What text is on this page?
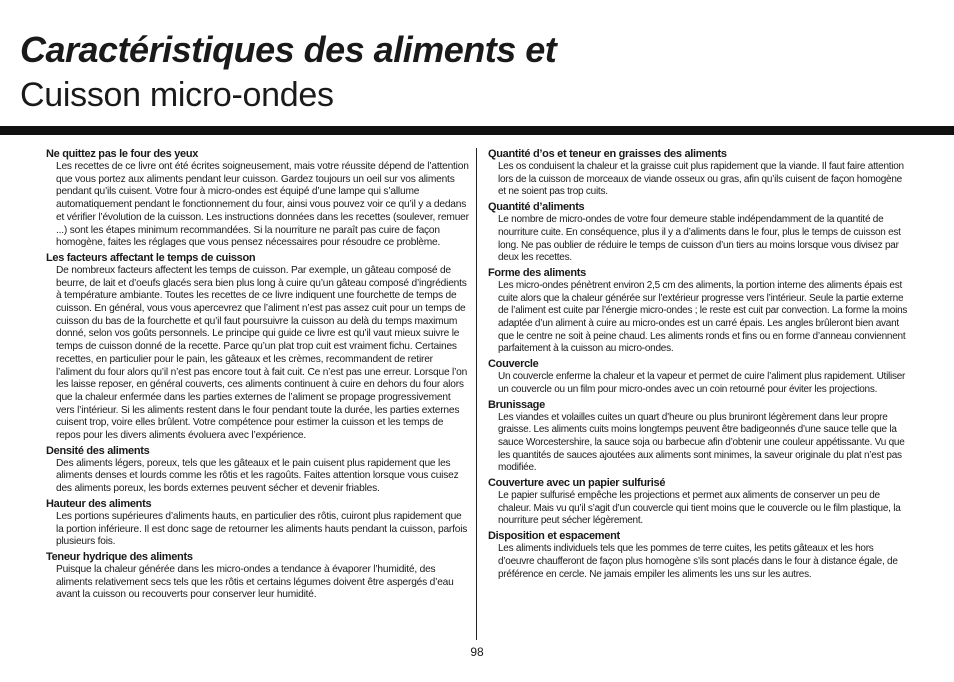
Caractéristiques des aliments et
Cuisson micro-ondes

Ne quittez pas le four des yeux

Les recettes de ce livre ont été écrites soigneusement, mais votre réussite dépend de l’attention que vous portez aux aliments pendant leur cuisson. Gardez toujours un oeil sur vos aliments pendant qu’ils cuisent. Votre four à micro-ondes est équipé d’une lampe qui s’allume automatiquement pendant le fonctionnement du four, ainsi vous pouvez voir ce qu’il y a dedans et vérifier l’évolution de la cuisson. Les instructions données dans les recettes (soulever, remuer ...) sont les étapes minimum recommandées. Si la nourriture ne paraît pas cuire de façon homogène, faites les réglages que vous pensez nécessaires pour résoudre ce problème.

Les facteurs affectant le temps de cuisson

De nombreux facteurs affectent les temps de cuisson. Par exemple, un gâteau composé de beurre, de lait et d’oeufs glacés sera bien plus long à cuire qu’un gâteau composé d’ingrédients à température ambiante. Toutes les recettes de ce livre indiquent une fourchette de temps de cuisson. En général, vous vous apercevrez que l’aliment n’est pas assez cuit pour un temps de cuisson du bas de la fourchette et qu’il faut poursuivre la cuisson au delà du temps maximum donné, selon vos goûts personnels. Le principe qui guide ce livre est qu’il vaut mieux suivre le temps de cuisson donné de la recette. Parce qu’un plat trop cuit est vraiment fichu. Certaines recettes, en particulier pour le pain, les gâteaux et les crèmes, recommandent de retirer l’aliment du four alors qu’il n’est pas encore tout à fait cuit. Ce n’est pas une erreur. Lorsque l’on les laisse reposer, en général couverts, ces aliments continuent à cuire en dehors du four alors que la chaleur enfermée dans les parties externes de l’aliment se propage progressivement vers l’intérieur. Si les aliments restent dans le four pendant toute la durée, les parties externes cuisent trop, voire elles brûlent. Votre compétence pour estimer la cuisson et les temps de repos pour les divers aliments évoluera avec l’expérience.

Densité des aliments

Des aliments légers, poreux, tels que les gâteaux et le pain cuisent plus rapidement que les aliments denses et lourds comme les rôtis et les ragoûts. Faites attention lorsque vous cuisez des aliments poreux, les bords externes peuvent sécher et devenir friables.

Hauteur des aliments

Les portions supérieures d’aliments hauts, en particulier des rôtis, cuiront plus rapidement que la portion inférieure. Il est donc sage de retourner les aliments hauts pendant la cuisson, parfois plusieurs fois.

Teneur hydrique des aliments

Puisque la chaleur générée dans les micro-ondes a tendance à évaporer l’humidité, des aliments relativement secs tels que les rôtis et certains légumes doivent être aspergés d’eau avant la cuisson ou recouverts pour conserver leur humidité.

Quantité d’os et teneur en graisses des aliments

Les os conduisent la chaleur et la graisse cuit plus rapidement que la viande. Il faut faire attention lors de la cuisson de morceaux de viande osseux ou gras, afin qu’ils cuisent de façon homogène et ne soient pas trop cuits.

Quantité d’aliments

Le nombre de micro-ondes de votre four demeure stable indépendamment de la quantité de nourriture cuite. En conséquence, plus il y a d’aliments dans le four, plus le temps de cuisson est long. Ne pas oublier de réduire le temps de cuisson d’un tiers au moins lorsque vous divisez par deux les recettes.

Forme des aliments

Les micro-ondes pénètrent environ 2,5 cm des aliments, la portion interne des aliments épais est cuite alors que la chaleur générée sur l’extérieur progresse vers l’intérieur. Seule la partie externe de l’aliment est cuite par l’énergie micro-ondes ; le reste est cuit par convection. La forme la moins adaptée d’un aliment à cuire au micro-ondes est un carré épais. Les angles brûleront bien avant que le centre ne soit à peine chaud. Les aliments ronds et fins ou en forme d’anneau conviennent parfaitement à la cuisson au micro-ondes.

Couvercle

Un couvercle enferme la chaleur et la vapeur et permet de cuire l’aliment plus rapidement. Utiliser un couvercle ou un film pour micro-ondes avec un coin retourné pour éviter les projections.

Brunissage

Les viandes et volailles cuites un quart d’heure ou plus bruniront légèrement dans leur propre graisse. Les aliments cuits moins longtemps peuvent être badigeonnés d’une sauce telle que la sauce Worcestershire, la sauce soja ou barbecue afin d’obtenir une couleur appétissante. Vu que les quantités de sauces ajoutées aux aliments sont minimes, la saveur originale du plat n’est pas modifiée.

Couverture avec un papier sulfurisé

Le papier sulfurisé empêche les projections et permet aux aliments de conserver un peu de chaleur. Mais vu qu’il s’agit d’un couvercle qui tient moins que le couvercle ou le film plastique, la nourriture peut sécher légèrement.

Disposition et espacement

Les aliments individuels tels que les pommes de terre cuites, les petits gâteaux et les hors d’oeuvre chaufferont de façon plus homogène s’ils sont placés dans le four à distance égale, de préférence en cercle. Ne jamais empiler les aliments les uns sur les autres.

98
